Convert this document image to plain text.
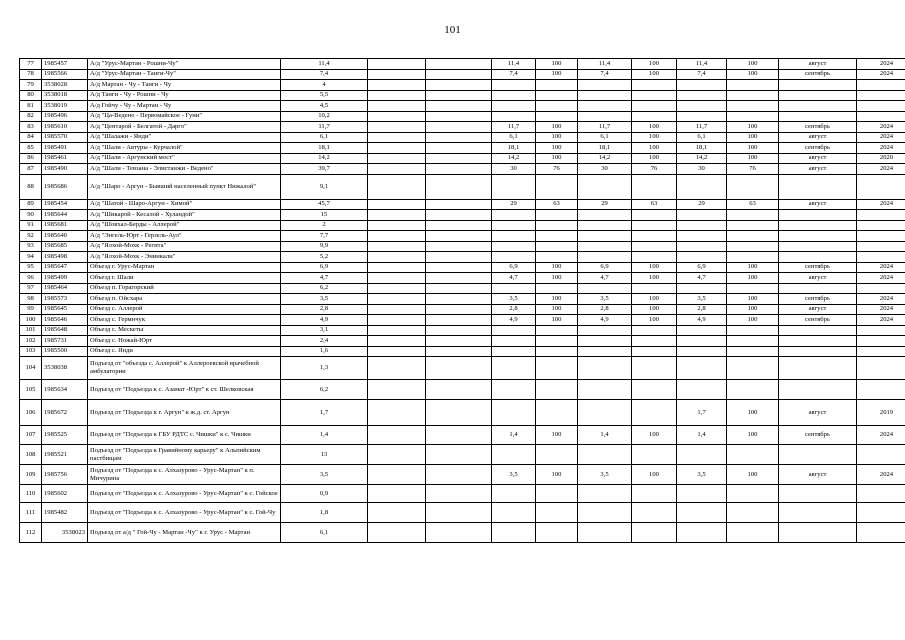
101
77	1985457	А/д "Урус-Мартан - Рошни-Чу"	11,4			11,4	100	11,4	100	11,4	100	август	2024
78	1985566	А/д "Урус-Мартан - Танги-Чу"	7,4			7,4	100	7,4	100	7,4	100	сентябрь	2024
79	3538028	А/д Мартан - Чу - Танги - Чу	4										
80	3538018	А/д Танги - Чу - Рошни - Чу	5,5										
81	3538019	А/д Гойчу - Чу - Мартан - Чу	4,5										
82	1985496	А/д "Ца-Ведено - Первомайское - Гуни"	10,2										
83	1985610	А/д "Центарой - Белгатой - Дарго"	11,7			11,7	100	11,7	100	11,7	100	сентябрь	2024
84	1985570	А/д "Шалажи - Янди"	6,1			6,1	100	6,1	100	6,1	100	август	2024
85	1985491	А/д "Шали - Автуры - Курчалой"	18,1			18,1	100	18,1	100	18,1	100	сентябрь	2024
86	1985461	А/д "Шали - Аргунский мост"	14,2			14,2	100	14,2	100	14,2	100	август	2020
87	1985490	А/д "Шали - Тевзана - Элистанжи - Ведено"	39,7			30	76	30	76	30	76	август	2024
88	1985686	А/д "Шаро - Аргун - Бывший населенный пункт Нижалой"	9,1										
89	1985454	А/д "Шатой - Шаро-Аргун - Химой"	45,7			29	63	29	63	29	63	август	2024
90	1985644	А/д "Шикарой - Кесалой - Хуландой"	15										
91	1985681	А/д "Шовхал-Берды - Аллерой"	2										
92	1985640	А/д "Энгель-Юрт - Герзель-Аул"	7,7										
93	1985685	А/д "Ялхой-Мохк - Регита"	9,9										
94	1985498	А/д "Ялхой-Мохк - Энинкали"	5,2										
95	1985647	Объезд г. Урус-Мартан	6,9			6,9	100	6,9	100	6,9	100	сентябрь	2024
96	1985499	Объезд г. Шали	4,7			4,7	100	4,7	100	4,7	100	август	2024
97	1985464	Объезд п. Горагорский	6,2										
98	1985573	Объезд п. Ойсхара	3,5			3,5	100	3,5	100	3,5	100	сентябрь	2024
99	1985645	Объезд с. Аллерой	2,8			2,8	100	2,8	100	2,8	100	август	2024
100	1985646	Объезд с. Гермнчук	4,9			4,9	100	4,9	100	4,9	100	сентябрь	2024
101	1985648	Объезд с. Мескеты	3,1										
102	1985731	Объезд с. Ножай-Юрт	2,4										
103	1985500	Объезд с. Янди	1,6										
104	3538038	Подъезд от "объезда с. Аллерой" к Аллероевской врачебной амбулатории	1,3										
105	1985634	Подъезд от "Подъезда к с. Азамат -Юрт" к ст. Шелковская	6,2										
106	1985672	Подъезд от "Подъезда к г. Аргун" к ж.д. ст. Аргун	1,7							1,7	100	август	2019
107	1985525	Подъезд от "Подъезда к ГБУ РДТС с. Чишки" к с. Чишки	1,4			1,4	100	1,4	100	1,4	100	сентябрь	2024
108	1985521	Подъезд от "Подъезда к Гравийному карьеру" к Альпийским пастбищам	13										
109	1985756	Подъезд от "Подъезда к с. Алхазурово - Урус-Мартан" к п. Мичурина	3,5			3,5	100	3,5	100	3,5	100	август	2024
110	1985602	Подъезд от "Подъезда к с. Алхазурово - Урус-Мартан" к с. Гойское	0,9										
111	1985482	Подъезд от "Подъезда к с. Алхазурово - Урус-Мартан" к с. Гой-Чу	1,8										
112	3538023	Подъезд от а/д " Гой-Чу - Мартан -Чу" к г. Урус - Мартан	6,1										
